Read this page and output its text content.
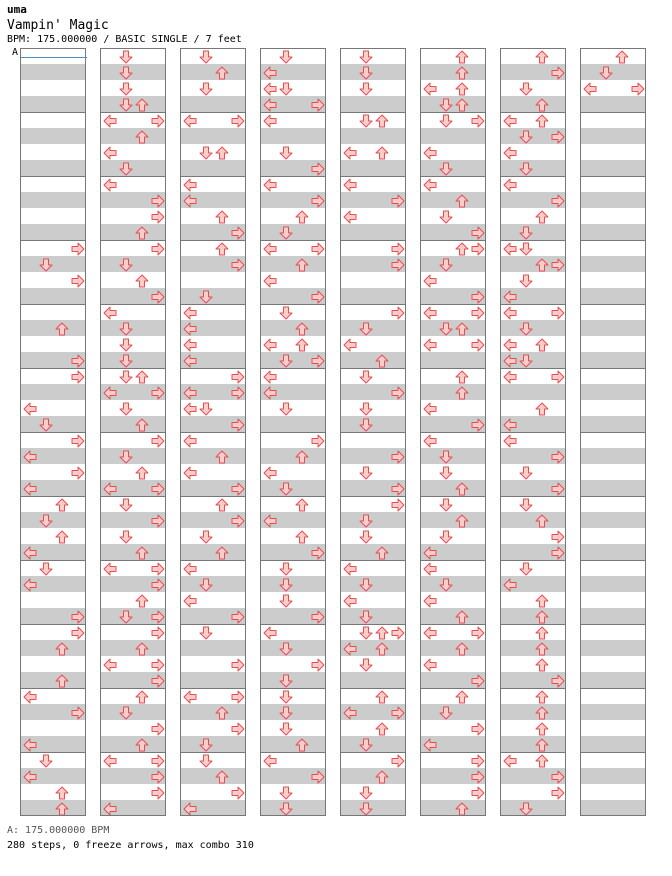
uma
Vampin' Magic
BPM: 175.000000 / BASIC SINGLE / 7 feet
A
A: 175.000000 BPM
280 steps, 0 freeze arrows, max combo 310
